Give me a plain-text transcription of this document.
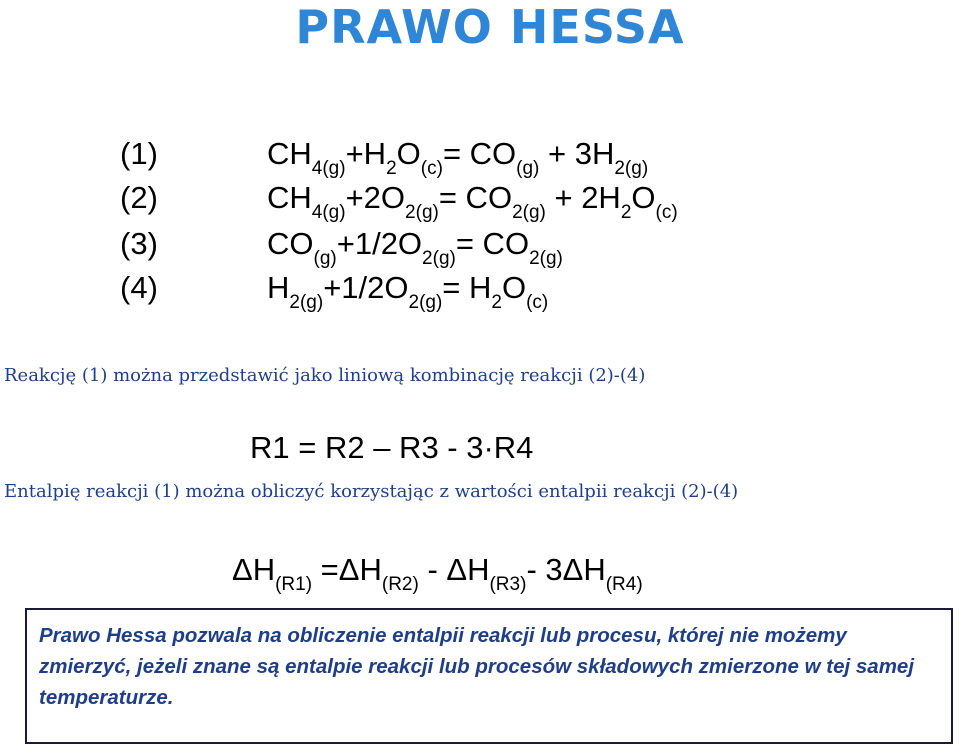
PRAWO HESSA
(1)	$CH_{4(g)}+H_2O_{(c)}= CO_{(g)} + 3H_{2(g)}$
(2)	$CH_{4(g)}+2O_{2(g)}= CO_{2(g)} + 2H_2O_{(c)}$
(3)	$CO_{(g)}+1/2O_{2(g)}= CO_{2(g)}$
(4)	$H_{2(g)}+1/2O_{2(g)}= H_2O_{(c)}$
Reakcję (1) można przedstawić jako liniową kombinację reakcji (2)-(4)
R1 = R2 – R3 - 3·R4
Entalpię reakcji (1) można obliczyć korzystając z wartości entalpii reakcji (2)-(4)
$\Delta H_{(R1)} =\Delta H_{(R2)} - \Delta H_{(R3)}-$ $3\Delta H_{(R4)}$
Prawo Hessa pozwala na obliczenie entalpii reakcji lub procesu, której nie możemy zmierzyć, jeżeli znane są entalpie reakcji lub procesów składowych zmierzone w tej samej temperaturze.
